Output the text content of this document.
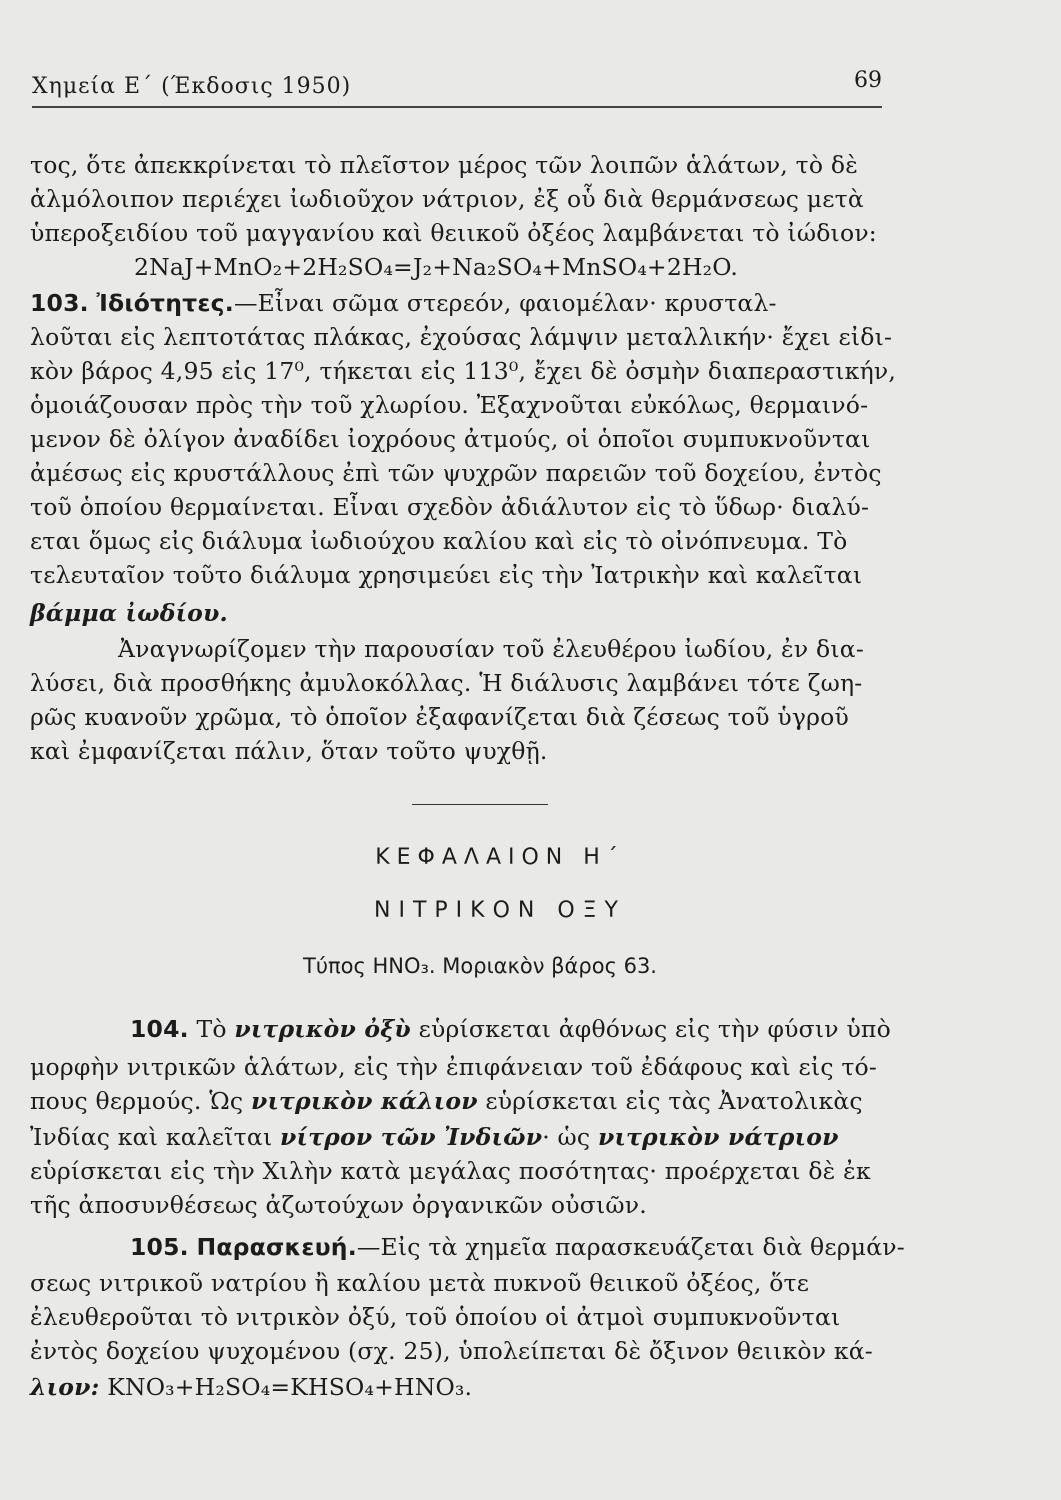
Χημεία Ε΄ (Έκδοσις 1950)	69
τος, ὅτε ἀπεκκρίνεται τὸ πλεῖστον μέρος τῶν λοιπῶν ἁλάτων, τὸ δὲ
ἁλμόλοιπον περιέχει ἰωδιοῦχον νάτριον, ἐξ οὗ διὰ θερμάνσεως μετὰ
ὑπεροξειδίου τοῦ μαγγανίου καὶ θειικοῦ ὀξέος λαμβάνεται τὸ ἰώδιον:
2NaJ+MnO₂+2H₂SO₄=J₂+Na₂SO₄+MnSO₄+2H₂O.
103. Ἰδιότητες.—Εἶναι σῶμα στερεόν, φαιομέλαν· κρυσταλ-
λοῦται εἰς λεπτοτάτας πλάκας, ἐχούσας λάμψιν μεταλλικήν· ἔχει εἰδι-
κὸν βάρος 4,95 εἰς 17⁰, τήκεται εἰς 113⁰, ἔχει δὲ ὀσμὴν διαπεραστικήν,
ὁμοιάζουσαν πρὸς τὴν τοῦ χλωρίου. Ἐξαχνοῦται εὐκόλως, θερμαινό-
μενον δὲ ὀλίγον ἀναδίδει ἰοχρόους ἀτμούς, οἱ ὁποῖοι συμπυκνοῦνται
ἀμέσως εἰς κρυστάλλους ἐπὶ τῶν ψυχρῶν παρειῶν τοῦ δοχείου, ἐντὸς
τοῦ ὁποίου θερμαίνεται. Εἶναι σχεδὸν ἀδιάλυτον εἰς τὸ ὕδωρ· διαλύ-
εται ὅμως εἰς διάλυμα ἰωδιούχου καλίου καὶ εἰς τὸ οἰνόπνευμα. Τὸ
τελευταῖον τοῦτο διάλυμα χρησιμεύει εἰς τὴν Ἰατρικὴν καὶ καλεῖται
βάμμα ἰωδίου.
Ἀναγνωρίζομεν τὴν παρουσίαν τοῦ ἐλευθέρου ἰωδίου, ἐν δια-
λύσει, διὰ προσθήκης ἀμυλοκόλλας. Ἡ διάλυσις λαμβάνει τότε ζωη-
ρῶς κυανοῦν χρῶμα, τὸ ὁποῖον ἐξαφανίζεται διὰ ζέσεως τοῦ ὑγροῦ
καὶ ἐμφανίζεται πάλιν, ὅταν τοῦτο ψυχθῇ.
ΚΕΦΑΛΑΙΟΝ Η΄
ΝΙΤΡΙΚΟΝ ΟΞΥ
Τύπος HNO₃. Μοριακὸν βάρος 63.
104. Τὸ νιτρικὸν ὀξὺ εὑρίσκεται ἀφθόνως εἰς τὴν φύσιν ὑπὸ
μορφὴν νιτρικῶν ἁλάτων, εἰς τὴν ἐπιφάνειαν τοῦ ἐδάφους καὶ εἰς τό-
πους θερμούς. Ὡς νιτρικὸν κάλιον εὑρίσκεται εἰς τὰς Ἀνατολικὰς
Ἰνδίας καὶ καλεῖται νίτρον τῶν Ἰνδιῶν· ὡς νιτρικὸν νάτριον
εὑρίσκεται εἰς τὴν Χιλὴν κατὰ μεγάλας ποσότητας· προέρχεται δὲ ἐκ
τῆς ἀποσυνθέσεως ἀζωτούχων ὀργανικῶν οὐσιῶν.
105. Παρασκευή.—Εἰς τὰ χημεῖα παρασκευάζεται διὰ θερμάν-
σεως νιτρικοῦ νατρίου ἢ καλίου μετὰ πυκνοῦ θειικοῦ ὀξέος, ὅτε
ἐλευθεροῦται τὸ νιτρικὸν ὀξύ, τοῦ ὁποίου οἱ ἀτμοὶ συμπυκνοῦνται
ἐντὸς δοχείου ψυχομένου (σχ. 25), ὑπολείπεται δὲ ὄξινον θειικὸν κά-
λιον: KNO₃+H₂SO₄=KHSO₄+HNO₃.
